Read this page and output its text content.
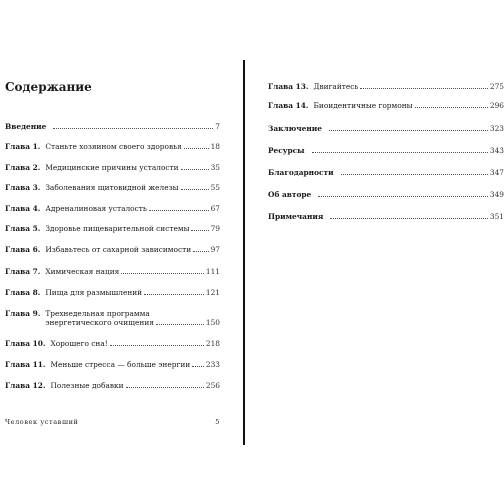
Содержание
Введение	7
Глава 1. Станьте хозяином своего здоровья	18
Глава 2. Медицинские причины усталости	35
Глава 3. Заболевания щитовидной железы	55
Глава 4. Адреналиновая усталость	67
Глава 5. Здоровье пищеварительной системы	79
Глава 6. Избавьтесь от сахарной зависимости	97
Глава 7. Химическая нация	111
Глава 8. Пища для размышлений	121
Глава 9. Трехнедельная программа
энергетического очищения	150
Глава 10. Хорошего сна!	218
Глава 11. Меньше стресса — больше энергии 233
Глава 12. Полезные добавки	256
Человек уставший	5
Глава 13. Двигайтесь	275
Глава 14. Биоидентичные гормоны	296
Заключение	323
Ресурсы	343
Благодарности	347
Об авторе	349
Примечания	351
